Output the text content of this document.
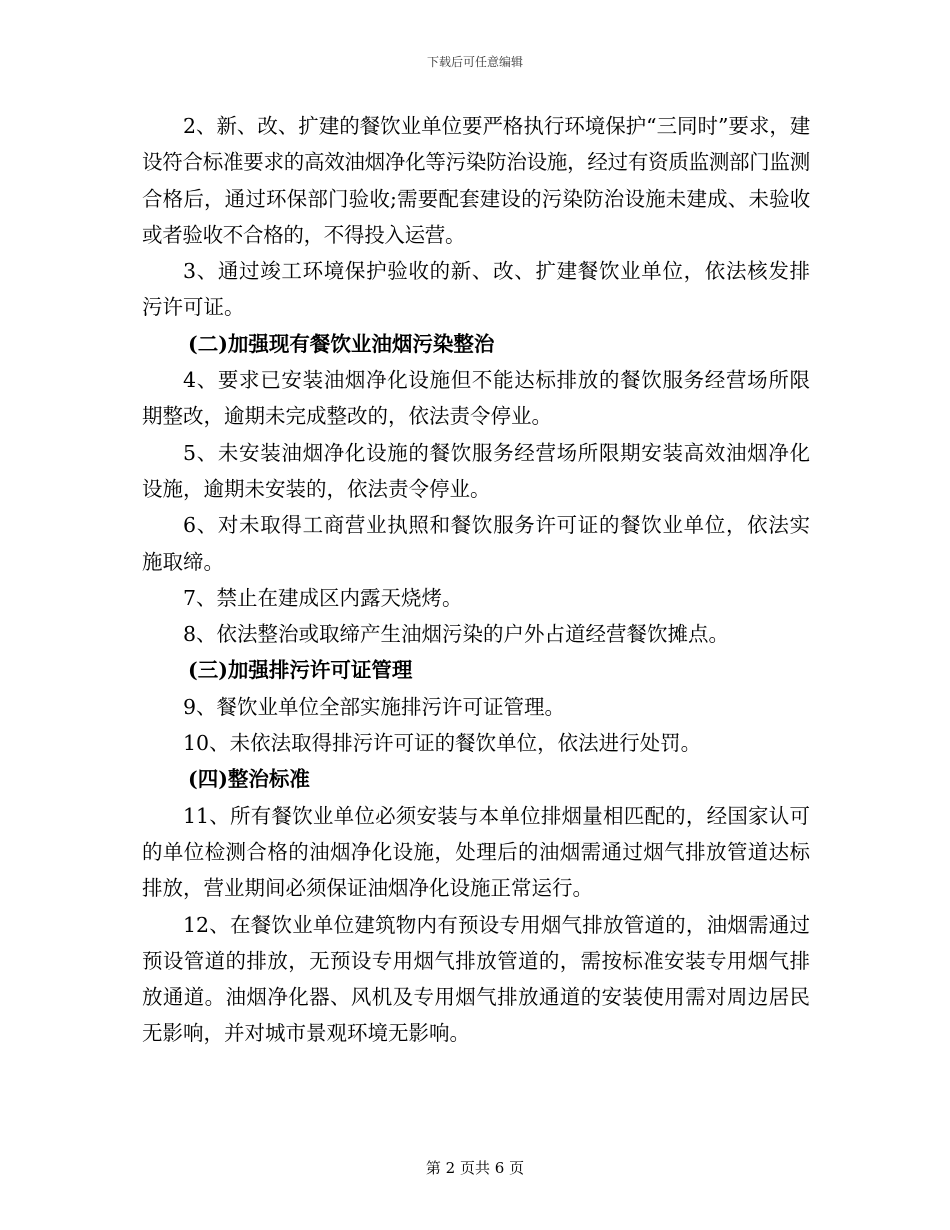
下载后可任意编辑

2、新、改、扩建的餐饮业单位要严格执行环境保护“三同时”要求，建设符合标准要求的高效油烟净化等污染防治设施，经过有资质监测部门监测合格后，通过环保部门验收;需要配套建设的污染防治设施未建成、未验收或者验收不合格的，不得投入运营。

3、通过竣工环境保护验收的新、改、扩建餐饮业单位，依法核发排污许可证。

(二)加强现有餐饮业油烟污染整治

4、要求已安装油烟净化设施但不能达标排放的餐饮服务经营场所限期整改，逾期未完成整改的，依法责令停业。

5、未安装油烟净化设施的餐饮服务经营场所限期安装高效油烟净化设施，逾期未安装的，依法责令停业。

6、对未取得工商营业执照和餐饮服务许可证的餐饮业单位，依法实施取缔。

7、禁止在建成区内露天烧烤。

8、依法整治或取缔产生油烟污染的户外占道经营餐饮摊点。

(三)加强排污许可证管理

9、餐饮业单位全部实施排污许可证管理。

10、未依法取得排污许可证的餐饮单位，依法进行处罚。

(四)整治标准

11、所有餐饮业单位必须安装与本单位排烟量相匹配的，经国家认可的单位检测合格的油烟净化设施，处理后的油烟需通过烟气排放管道达标排放，营业期间必须保证油烟净化设施正常运行。

12、在餐饮业单位建筑物内有预设专用烟气排放管道的，油烟需通过预设管道的排放，无预设专用烟气排放管道的，需按标准安装专用烟气排放通道。油烟净化器、风机及专用烟气排放通道的安装使用需对周边居民无影响，并对城市景观环境无影响。

第 2 页共 6 页
